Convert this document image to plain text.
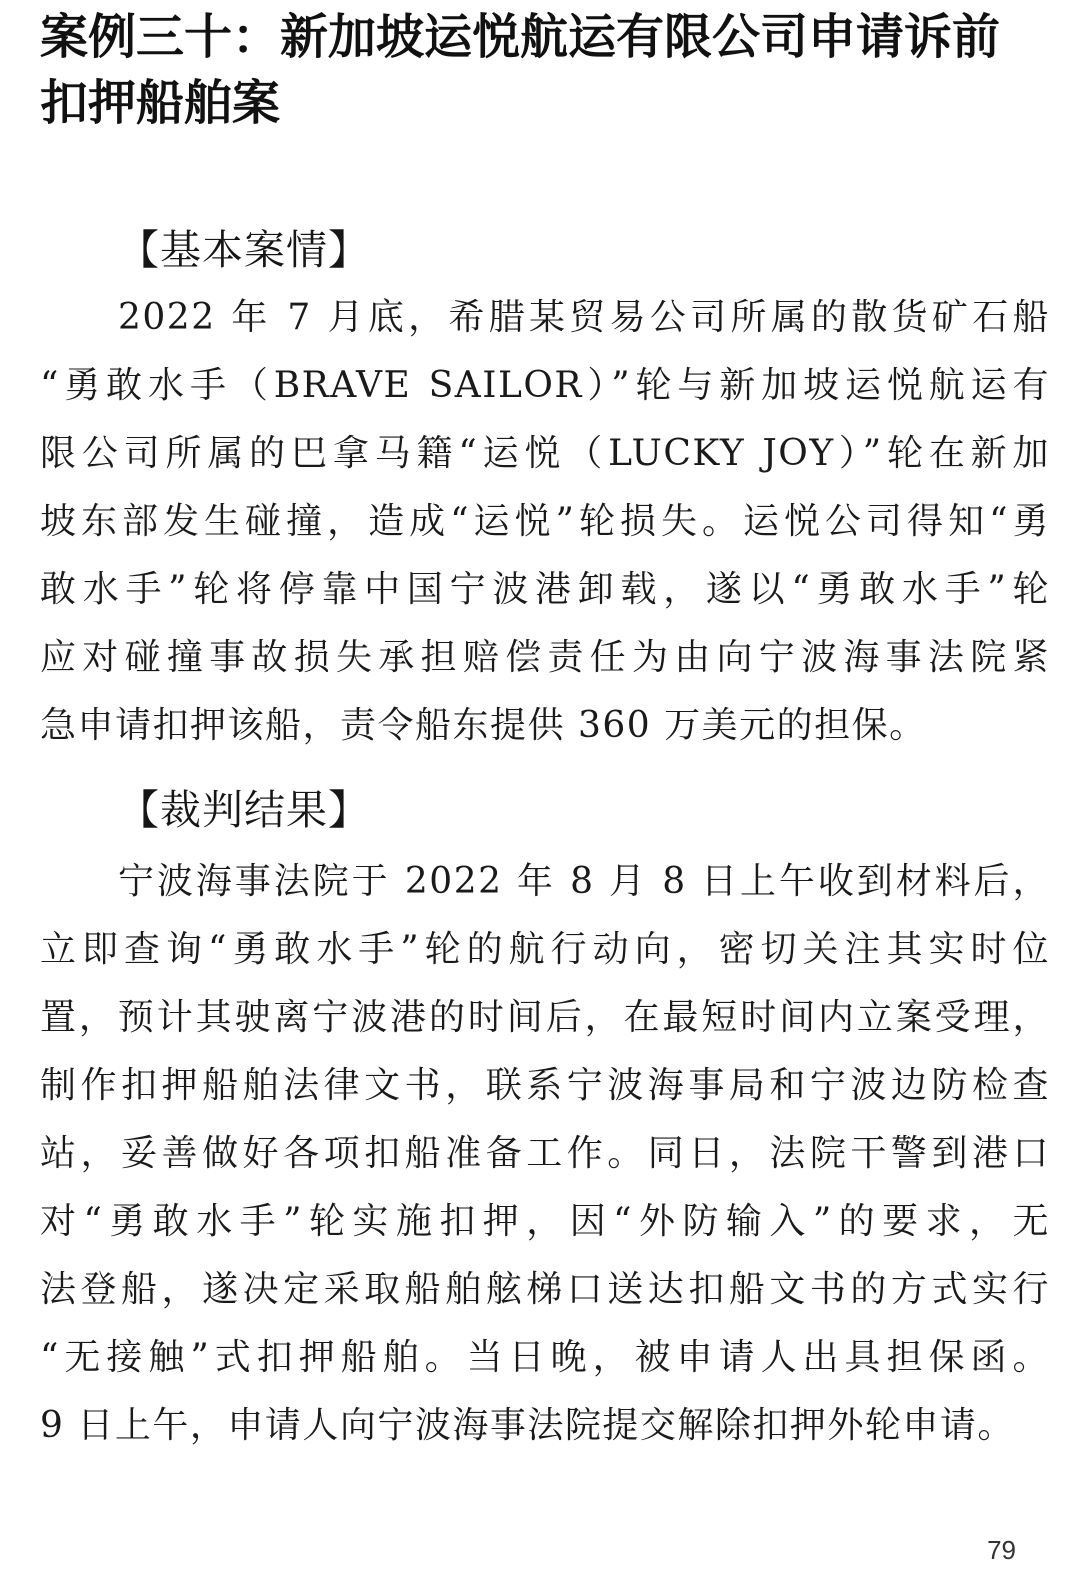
案例三十：新加坡运悦航运有限公司申请诉前
扣押船舶案
【基本案情】
2022 年 7 月底，希腊某贸易公司所属的散货矿石船
“勇敢水手（BRAVE SAILOR）”轮与新加坡运悦航运有
限公司所属的巴拿马籍“运悦（LUCKY JOY）”轮在新加
坡东部发生碰撞，造成“运悦”轮损失。运悦公司得知“勇
敢水手”轮将停靠中国宁波港卸载，遂以“勇敢水手”轮
应对碰撞事故损失承担赔偿责任为由向宁波海事法院紧
急申请扣押该船，责令船东提供 360 万美元的担保。
【裁判结果】
宁波海事法院于 2022 年 8 月 8 日上午收到材料后，
立即查询“勇敢水手”轮的航行动向，密切关注其实时位
置，预计其驶离宁波港的时间后，在最短时间内立案受理，
制作扣押船舶法律文书，联系宁波海事局和宁波边防检查
站，妥善做好各项扣船准备工作。同日，法院干警到港口
对“勇敢水手”轮实施扣押，因“外防输入”的要求，无
法登船，遂决定采取船舶舷梯口送达扣船文书的方式实行
“无接触”式扣押船舶。当日晚，被申请人出具担保函。
9 日上午，申请人向宁波海事法院提交解除扣押外轮申请。
79
